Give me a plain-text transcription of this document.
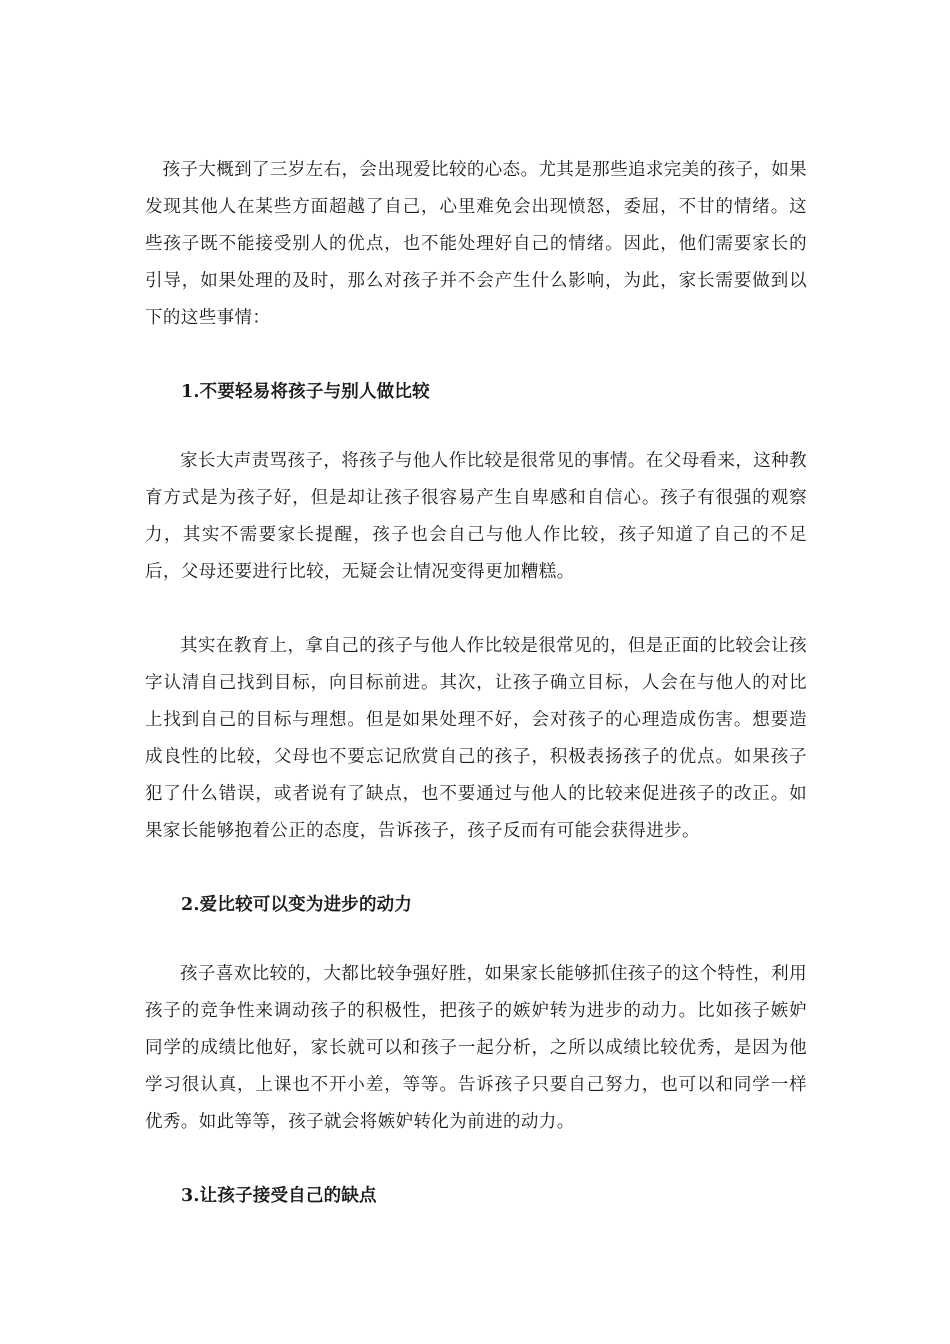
孩子大概到了三岁左右，会出现爱比较的心态。尤其是那些追求完美的孩子，如果发现其他人在某些方面超越了自己，心里难免会出现愤怒，委屈，不甘的情绪。这些孩子既不能接受别人的优点，也不能处理好自己的情绪。因此，他们需要家长的引导，如果处理的及时，那么对孩子并不会产生什么影响，为此，家长需要做到以下的这些事情：

1.不要轻易将孩子与别人做比较

家长大声责骂孩子，将孩子与他人作比较是很常见的事情。在父母看来，这种教育方式是为孩子好，但是却让孩子很容易产生自卑感和自信心。孩子有很强的观察力，其实不需要家长提醒，孩子也会自己与他人作比较，孩子知道了自己的不足后，父母还要进行比较，无疑会让情况变得更加糟糕。

其实在教育上，拿自己的孩子与他人作比较是很常见的，但是正面的比较会让孩字认清自己找到目标，向目标前进。其次，让孩子确立目标，人会在与他人的对比上找到自己的目标与理想。但是如果处理不好，会对孩子的心理造成伤害。想要造成良性的比较，父母也不要忘记欣赏自己的孩子，积极表扬孩子的优点。如果孩子犯了什么错误，或者说有了缺点，也不要通过与他人的比较来促进孩子的改正。如果家长能够抱着公正的态度，告诉孩子，孩子反而有可能会获得进步。

2.爱比较可以变为进步的动力

孩子喜欢比较的，大都比较争强好胜，如果家长能够抓住孩子的这个特性，利用孩子的竞争性来调动孩子的积极性，把孩子的嫉妒转为进步的动力。比如孩子嫉妒同学的成绩比他好，家长就可以和孩子一起分析，之所以成绩比较优秀，是因为他学习很认真，上课也不开小差，等等。告诉孩子只要自己努力，也可以和同学一样优秀。如此等等，孩子就会将嫉妒转化为前进的动力。

3.让孩子接受自己的缺点
